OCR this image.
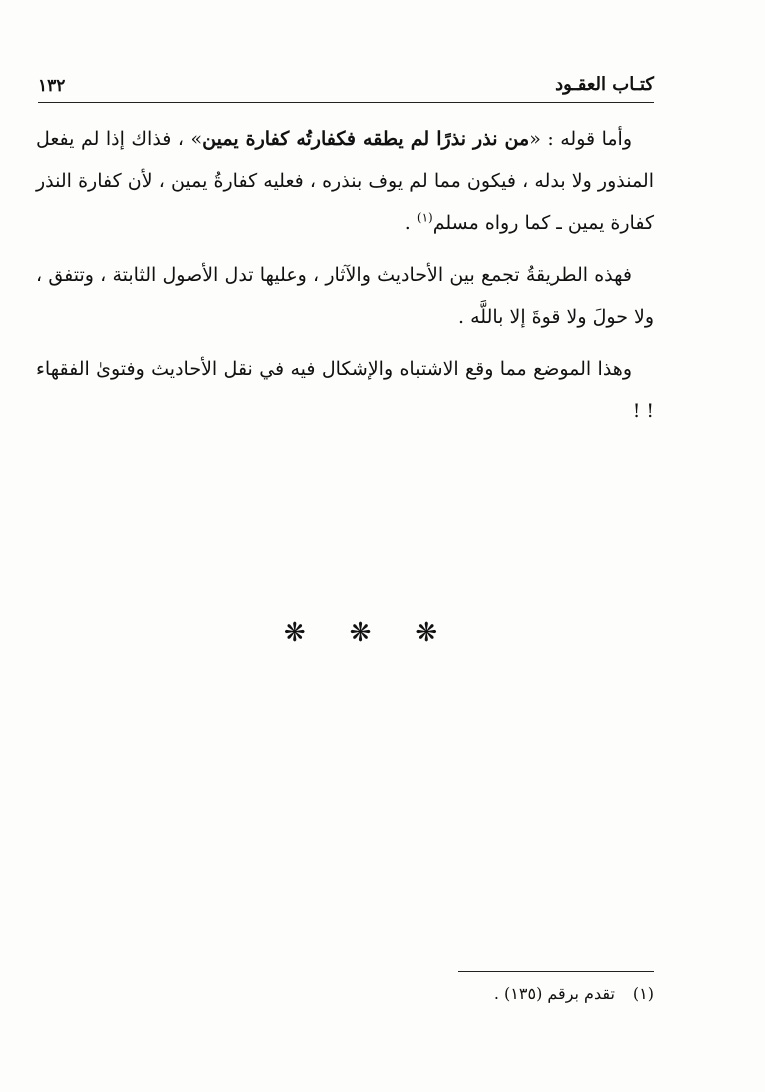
كتـاب العقـود
١٣٢

وأما قوله : «من نذر نذرًا لم يطقه فكفارتُه كفارة يمين» ، فذاك إذا لم يفعل المنذور ولا بدله ، فيكون مما لم يوف بنذره ، فعليه كفارةُ يمين ، لأن كفارة النذر كفارة يمين ـ كما رواه مسلم$^{(١)}$ .

فهذه الطريقةُ تجمع بين الأحاديث والآثار ، وعليها تدل الأصول الثابتة ، وتتفق ، ولا حولَ ولا قوةَ إلا باللَّه .

وهذا الموضع مما وقع الاشتباه والإشكال فيه في نقل الأحاديث وفتوىٰ الفقهاء ! !

❋❋❋
(١)تقدم برقم (١٣٥) .
